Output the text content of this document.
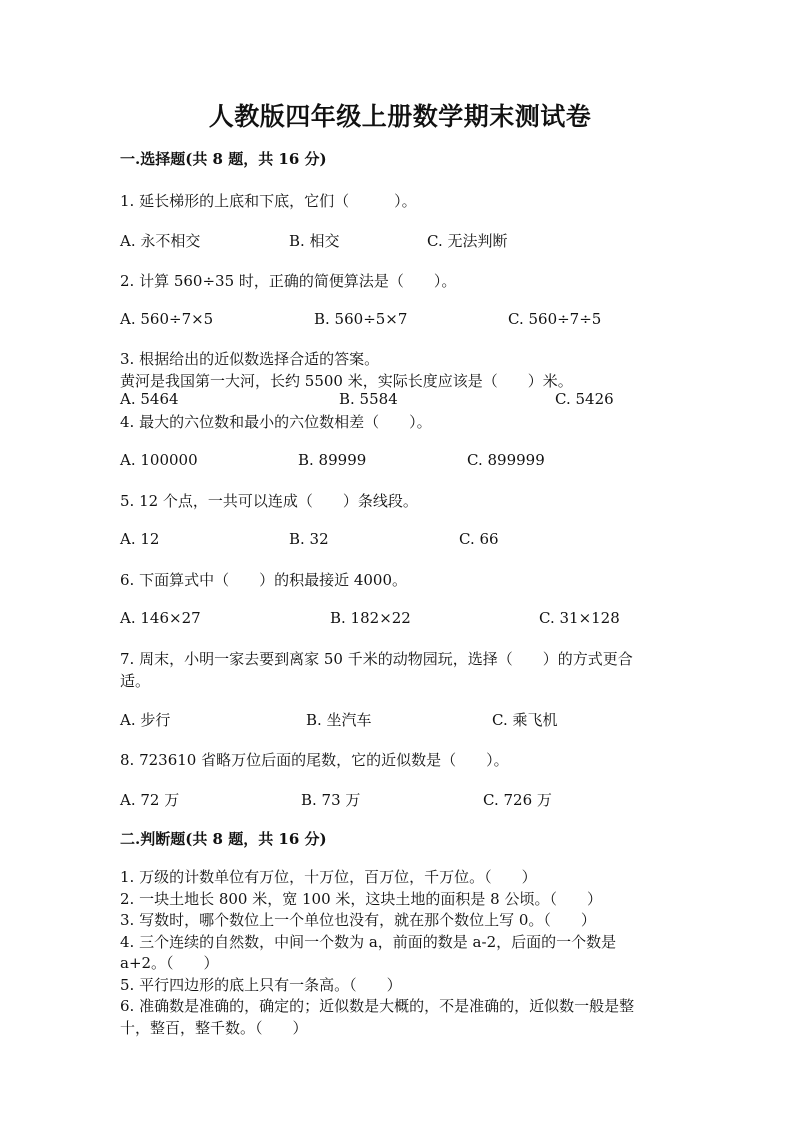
人教版四年级上册数学期末测试卷
一.选择题(共 8 题，共 16 分)
1. 延长梯形的上底和下底，它们（　　　）。
A. 永不相交	B. 相交	C. 无法判断
2. 计算 560÷35 时，正确的简便算法是（　　）。
A. 560÷7×5	B. 560÷5×7	C. 560÷7÷5
3. 根据给出的近似数选择合适的答案。
黄河是我国第一大河，长约 5500 米，实际长度应该是（　　）米。
A. 5464	B. 5584	C. 5426
4. 最大的六位数和最小的六位数相差（　　）。
A. 100000	B. 89999	C. 899999
5. 12 个点，一共可以连成（　　）条线段。
A. 12	B. 32	C. 66
6. 下面算式中（　　）的积最接近 4000。
A. 146×27	B. 182×22	C. 31×128
7. 周末，小明一家去要到离家 50 千米的动物园玩，选择（　　）的方式更合
适。
A. 步行	B. 坐汽车	C. 乘飞机
8. 723610 省略万位后面的尾数，它的近似数是（　　）。
A. 72 万	B. 73 万	C. 726 万
二.判断题(共 8 题，共 16 分)
1. 万级的计数单位有万位，十万位，百万位，千万位。（　　）
2. 一块土地长 800 米，宽 100 米，这块土地的面积是 8 公顷。（　　）
3. 写数时，哪个数位上一个单位也没有，就在那个数位上写 0。（　　）
4. 三个连续的自然数，中间一个数为 a，前面的数是 a-2，后面的一个数是
a+2。（　　）
5. 平行四边形的底上只有一条高。（　　）
6. 准确数是准确的，确定的；近似数是大概的，不是准确的，近似数一般是整
十，整百，整千数。（　　）
